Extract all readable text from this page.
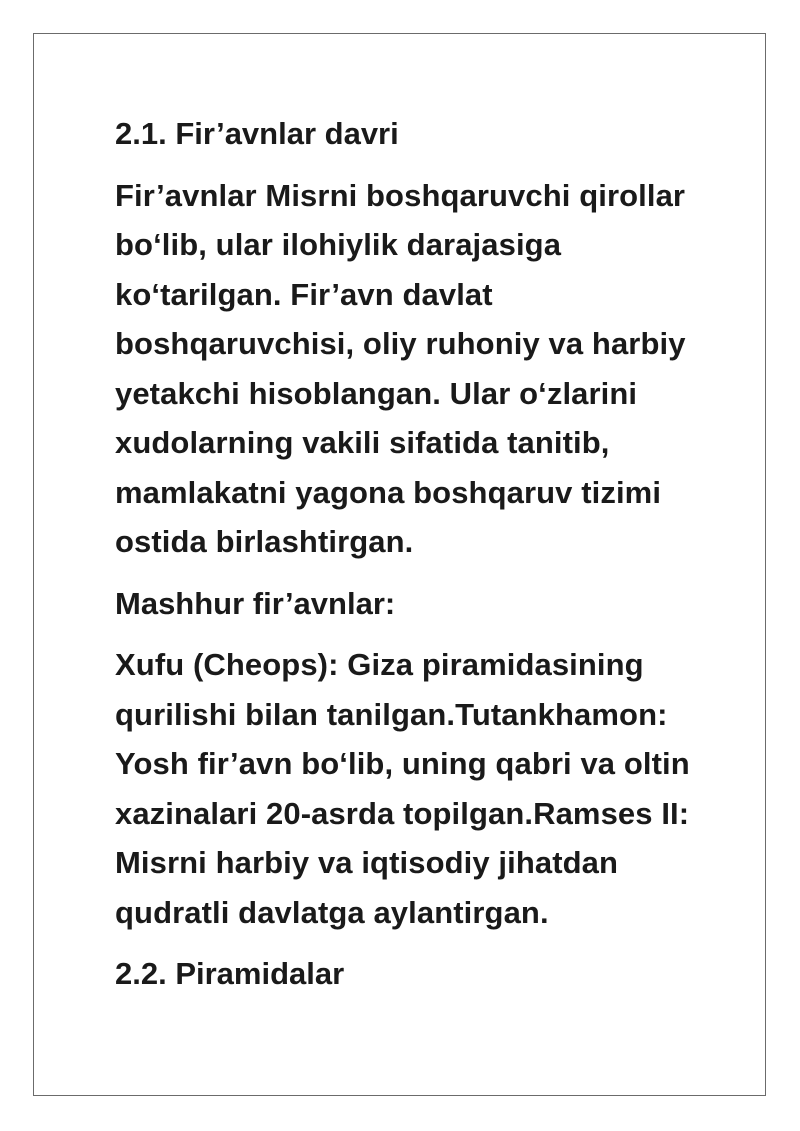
2.1. Fir’avnlar davri
Fir’avnlar Misrni boshqaruvchi qirollar
bo‘lib, ular ilohiylik darajasiga
ko‘tarilgan. Fir’avn davlat
boshqaruvchisi, oliy ruhoniy va harbiy
yetakchi hisoblangan. Ular o‘zlarini
xudolarning vakili sifatida tanitib,
mamlakatni yagona boshqaruv tizimi
ostida birlashtirgan.
Mashhur fir’avnlar:
Xufu (Cheops): Giza piramidasining
qurilishi bilan tanilgan.Tutankhamon:
Yosh fir’avn bo‘lib, uning qabri va oltin
xazinalari 20-asrda topilgan.Ramses II:
Misrni harbiy va iqtisodiy jihatdan
qudratli davlatga aylantirgan.
2.2. Piramidalar
